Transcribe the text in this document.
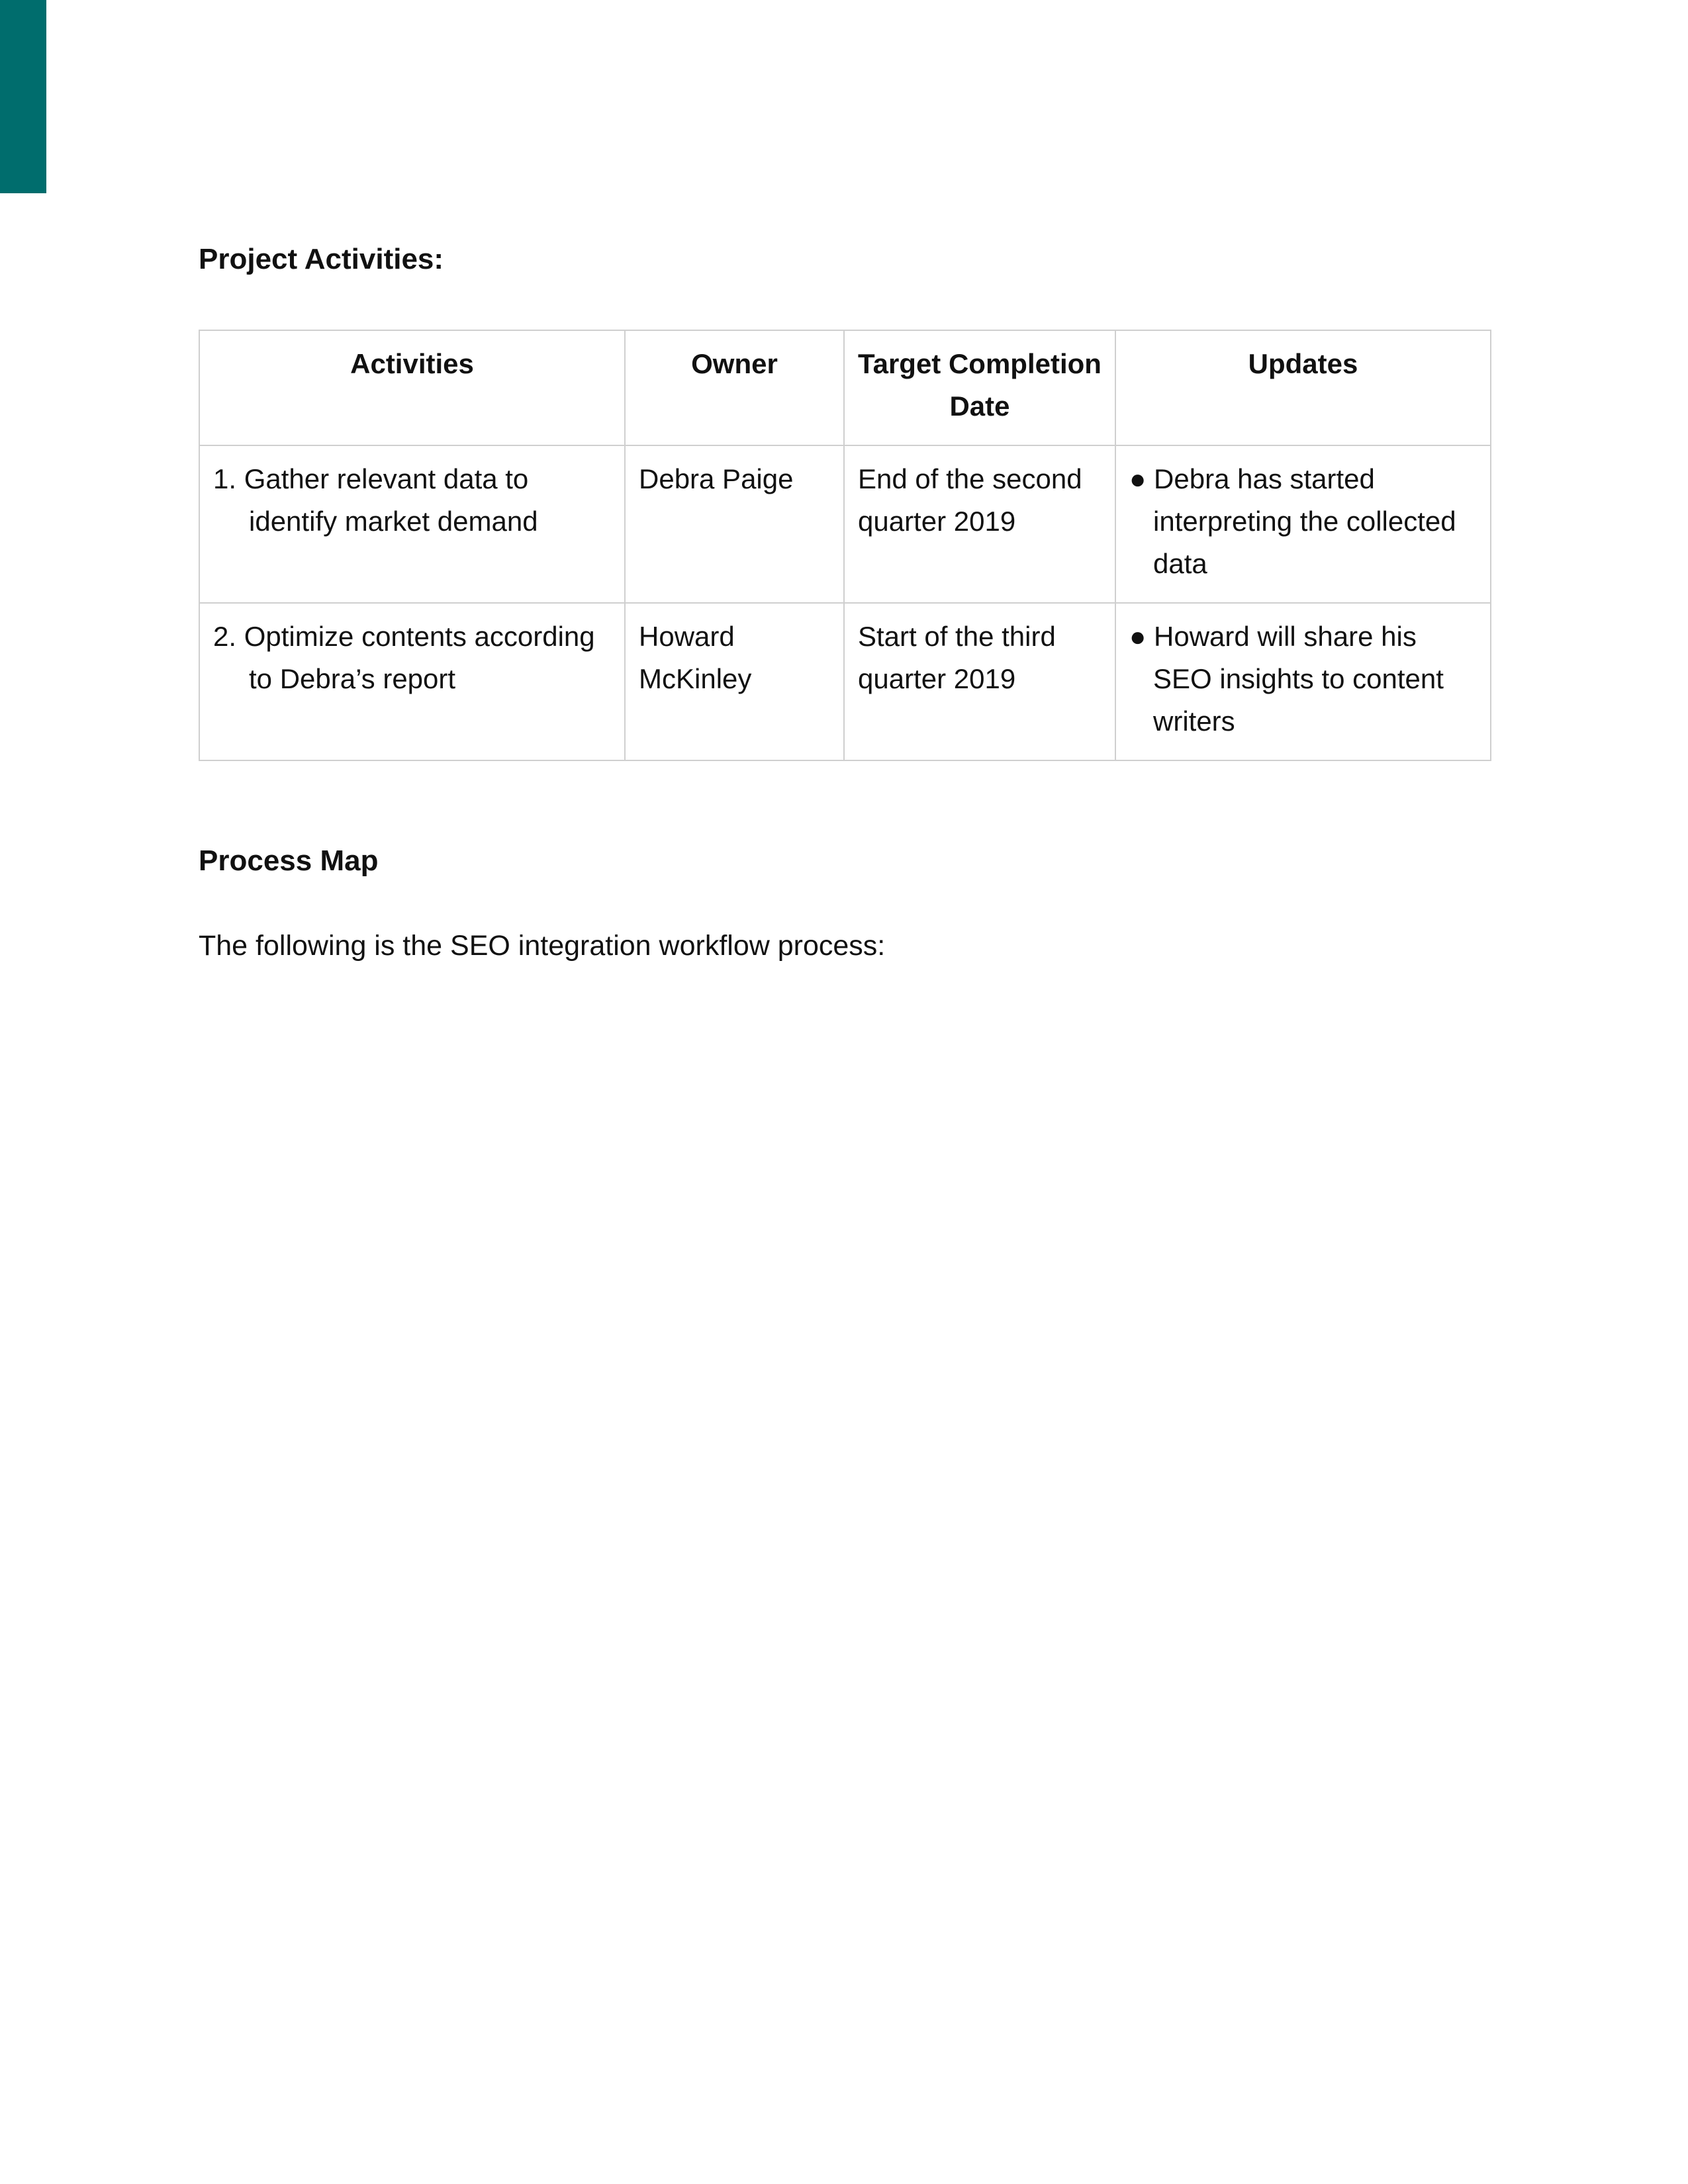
Project Activities:
Activities	Owner	Target Completion Date	Updates

1. Gather relevant data to identify market demand	Debra Paige	End of the second quarter 2019	● Debra has started interpreting the collected data

2. Optimize contents according to Debra’s report	Howard McKinley	Start of the third quarter 2019	● Howard will share his SEO insights to content writers
Process Map

The following is the SEO integration workflow process:
